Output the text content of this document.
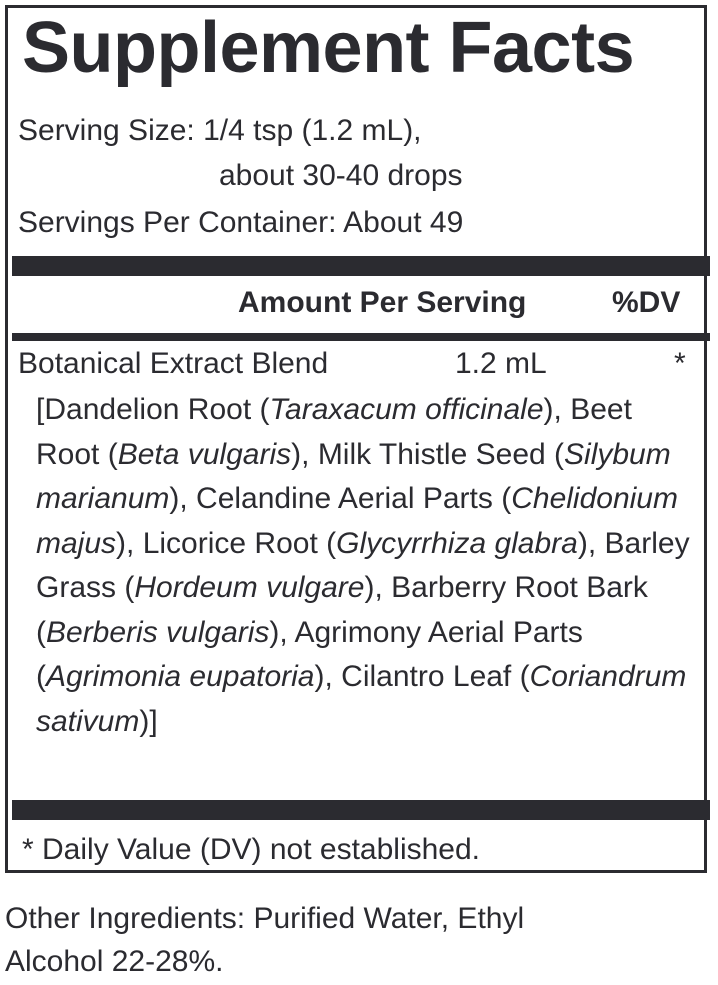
Supplement Facts
Serving Size: 1/4 tsp (1.2 mL),
about 30-40 drops
Servings Per Container: About 49
Amount Per Serving	%DV
Botanical Extract Blend	1.2 mL	*
[Dandelion Root (Taraxacum officinale), Beet Root (Beta vulgaris), Milk Thistle Seed (Silybum marianum), Celandine Aerial Parts (Chelidonium majus), Licorice Root (Glycyrrhiza glabra), Barley Grass (Hordeum vulgare), Barberry Root Bark (Berberis vulgaris), Agrimony Aerial Parts (Agrimonia eupatoria), Cilantro Leaf (Coriandrum sativum)]
* Daily Value (DV) not established.
Other Ingredients: Purified Water, Ethyl
Alcohol 22-28%.
